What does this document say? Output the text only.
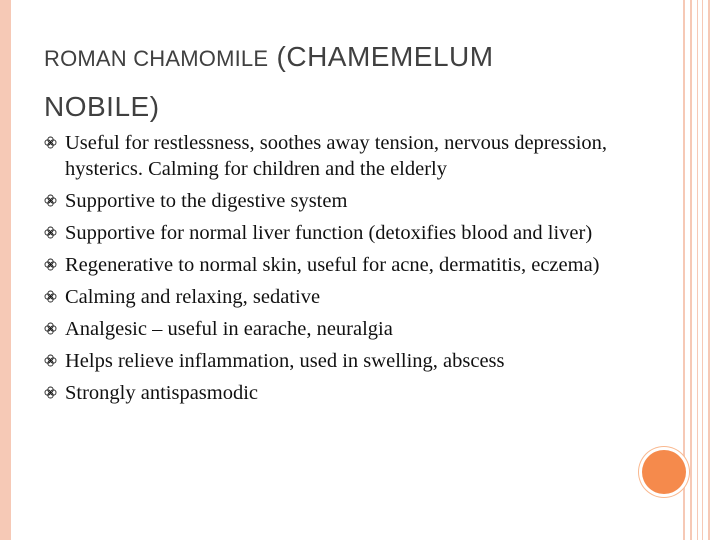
ROMAN CHAMOMILE (CHAMEMELUM
NOBILE)
Useful for restlessness, soothes away tension, nervous depression, hysterics. Calming for children and the elderly
Supportive to the digestive system
Supportive for normal liver function (detoxifies blood and liver)
Regenerative to normal skin, useful for acne, dermatitis, eczema)
Calming and relaxing, sedative
Analgesic – useful in earache, neuralgia
Helps relieve inflammation, used in swelling, abscess
Strongly antispasmodic
